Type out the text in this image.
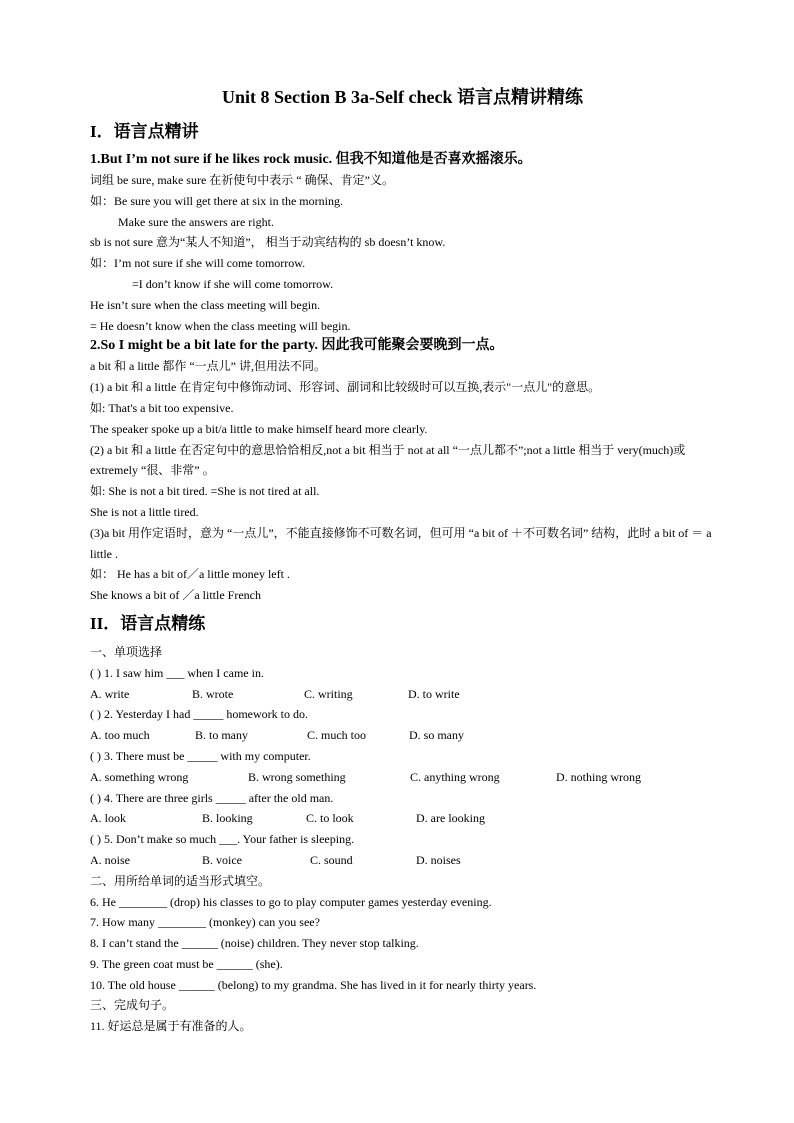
Unit 8 Section B 3a-Self check 语言点精讲精练
I．语言点精讲
1.But I’m not sure if he likes rock music. 但我不知道他是否喜欢摇滚乐。
词组 be sure, make sure 在祈使句中表示 “ 确保、肯定”义。
如：Be sure you will get there at six in the morning.
Make sure the answers are right.
sb is not sure 意为“某人不知道”， 相当于动宾结构的 sb doesn’t know.
如：I’m not sure if she will come tomorrow.
=I don’t know if she will come tomorrow.
He isn’t sure when the class meeting will begin.
= He doesn’t know when the class meeting will begin.
2.So I might be a bit late for the party. 因此我可能聚会要晚到一点。
a bit 和 a little 都作 “一点儿” 讲,但用法不同。
(1) a bit 和 a little 在肯定句中修饰动词、形容词、副词和比较级时可以互换,表示"一点儿"的意思。
如: That's a bit too expensive.
The speaker spoke up a bit/a little to make himself heard more clearly.
(2) a bit 和 a little 在否定句中的意思恰恰相反,not a bit 相当于 not at all “一点儿都不”;not a little 相当于 very(much)或 extremely “很、非常” 。
如: She is not a bit tired. =She is not tired at all.
She is not a little tired.
(3)a bit 用作定语时，意为 “一点儿”，不能直接修饰不可数名词，但可用 “a bit of ＋不可数名词” 结构，此时 a bit of ＝ a little .
如： He has a bit of／a little money left .
She knows a bit of ／a little French
II．语言点精练
一、单项选择
( ) 1. I saw him ___ when I came in.
A. write	B. wrote	C. writing	D. to write
( ) 2. Yesterday I had _____ homework to do.
A. too much	B. to many	C. much too	D. so many
( ) 3. There must be _____ with my computer.
A. something wrong	B. wrong something	C. anything wrong	D. nothing wrong
( ) 4. There are three girls _____ after the old man.
A. look	B. looking	C. to look	D. are looking
( ) 5. Don’t make so much ___. Your father is sleeping.
A. noise	B. voice	C. sound	D. noises
二、用所给单词的适当形式填空。
6. He ________ (drop) his classes to go to play computer games yesterday evening.
7. How many ________ (monkey) can you see?
8. I can’t stand the ______ (noise) children. They never stop talking.
9. The green coat must be ______ (she).
10. The old house ______ (belong) to my grandma. She has lived in it for nearly thirty years.
三、完成句子。
11. 好运总是属于有准备的人。
